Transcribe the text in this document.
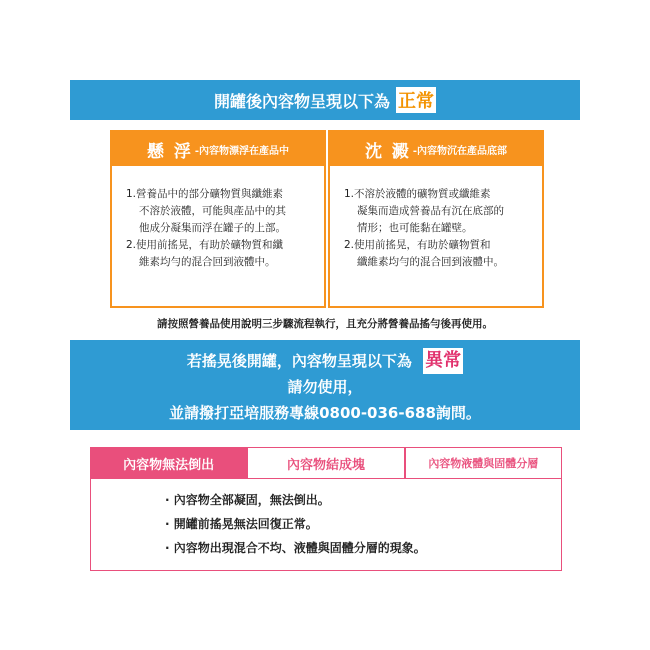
開罐後內容物呈現以下為 正常
懸 浮 -內容物漂浮在產品中
1.營養品中的部分礦物質與纖維素
不溶於液體，可能與產品中的其
他成分凝集而浮在罐子的上部。
2.使用前搖晃，有助於礦物質和纖
維素均勻的混合回到液體中。
沈 澱 -內容物沉在產品底部
1.不溶於液體的礦物質或纖維素
凝集而造成營養品有沉在底部的
情形；也可能黏在罐壁。
2.使用前搖晃，有助於礦物質和
纖維素均勻的混合回到液體中。
請按照營養品使用說明三步驟流程執行，且充分將營養品搖勻後再使用。
若搖晃後開罐，內容物呈現以下為 異常
請勿使用，
並請撥打亞培服務專線0800-036-688詢問。
內容物無法倒出	內容物結成塊	內容物液體與固體分層
· 內容物全部凝固，無法倒出。
· 開罐前搖晃無法回復正常。
· 內容物出現混合不均、液體與固體分層的現象。
